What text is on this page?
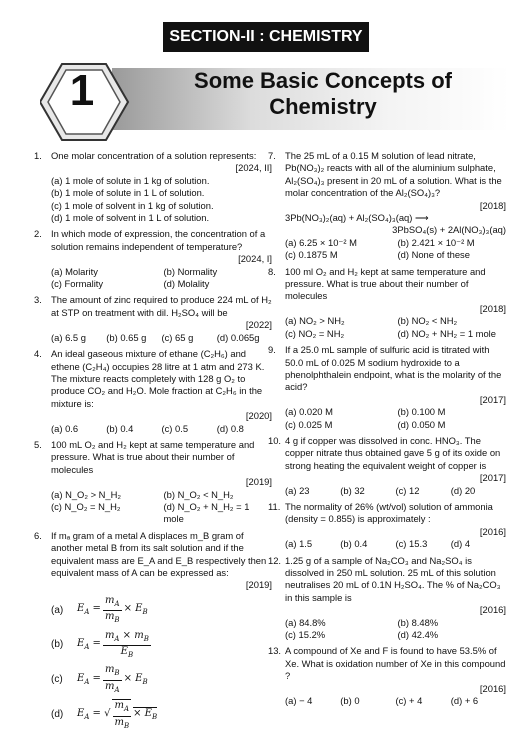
SECTION-II : CHEMISTRY
1	Some Basic Concepts of Chemistry
1. One molar concentration of a solution represents:
[2024, II]
(a) 1 mole of solute in 1 kg of solution.
(b) 1 mole of solute in 1 L of solution.
(c) 1 mole of solvent in 1 kg of solution.
(d) 1 mole of solvent in 1 L of solution.
2. In which mode of expression, the concentration of a solution remains independent of temperature?
[2024, I]
(a) Molarity	(b) Normality
(c) Formality	(d) Molality
3. The amount of zinc required to produce 224 mL of H₂ at STP on treatment with dil. H₂SO₄ will be
[2022]
(a) 6.5 g	(b) 0.65 g	(c) 65 g	(d) 0.065g
4. An ideal gaseous mixture of ethane (C₂H₆) and ethene (C₂H₄) occupies 28 litre at 1 atm and 273 K. The mixture reacts completely with 128 g O₂ to produce CO₂ and H₂O. Mole fraction at C₂H₆ in the mixture is:
[2020]
(a) 0.6	(b) 0.4	(c) 0.5	(d) 0.8
5. 100 mL O₂ and H₂ kept at same temperature and pressure. What is true about their number of molecules
[2019]
(a) N_O₂ > N_H₂	(b) N_O₂ < N_H₂
(c) N_O₂ = N_H₂	(d) N_O₂ + N_H₂ = 1 mole
6. If mₐ gram of a metal A displaces m_B gram of another metal B from its salt solution and if the equivalent mass are E_A and E_B respectively then equivalent mass of A can be expressed as:
[2019]
(a)	$E_A = \frac{m_A}{m_B} \times E_B$
(b)	$E_A = \frac{m_A \times m_B}{E_B}$
(c)	$E_A = \frac{m_B}{m_A} \times E_B$
(d)	$E_A$ = √ $\frac{m_A}{m_B} \times E_B$
7. The 25 mL of a 0.15 M solution of lead nitrate, Pb(NO₃)₂ reacts with all of the aluminium sulphate, Al₂(SO₄)₃ present in 20 mL of a solution. What is the molar concentration of the Al₂(SO₄)₃?
[2018]
3Pb(NO₃)₂(aq) + Al₂(SO₄)₃(aq) ⟶
3PbSO₄(s) + 2Al(NO₃)₃(aq)
(a) 6.25 × 10⁻² M	(b) 2.421 × 10⁻² M
(c) 0.1875 M	(d) None of these
8. 100 ml O₂ and H₂ kept at same temperature and pressure. What is true about their number of molecules
[2018]
(a) NO₂ > NH₂	(b) NO₂ < NH₂
(c) NO₂ = NH₂	(d) NO₂ + NH₂ = 1 mole
9. If a 25.0 mL sample of sulfuric acid is titrated with 50.0 mL of 0.025 M sodium hydroxide to a phenolphthalein endpoint, what is the molarity of the acid?
[2017]
(a) 0.020 M	(b) 0.100 M
(c) 0.025 M	(d) 0.050 M
10. 4 g if copper was dissolved in conc. HNO₃. The copper nitrate thus obtained gave 5 g of its oxide on strong heating the equivalent weight of copper is
[2017]
(a) 23	(b) 32	(c) 12	(d) 20
11. The normality of 26% (wt/vol) solution of ammonia (density = 0.855) is approximately :
[2016]
(a) 1.5	(b) 0.4	(c) 15.3	(d) 4
12. 1.25 g of a sample of Na₂CO₃ and Na₂SO₄ is dissolved in 250 mL solution. 25 mL of this solution neutralises 20 mL of 0.1N H₂SO₄. The % of Na₂CO₃ in this sample is
[2016]
(a) 84.8%	(b) 8.48%
(c) 15.2%	(d) 42.4%
13. A compound of Xe and F is found to have 53.5% of Xe. What is oxidation number of Xe in this compound ?
[2016]
(a) − 4	(b) 0	(c) + 4	(d) + 6
